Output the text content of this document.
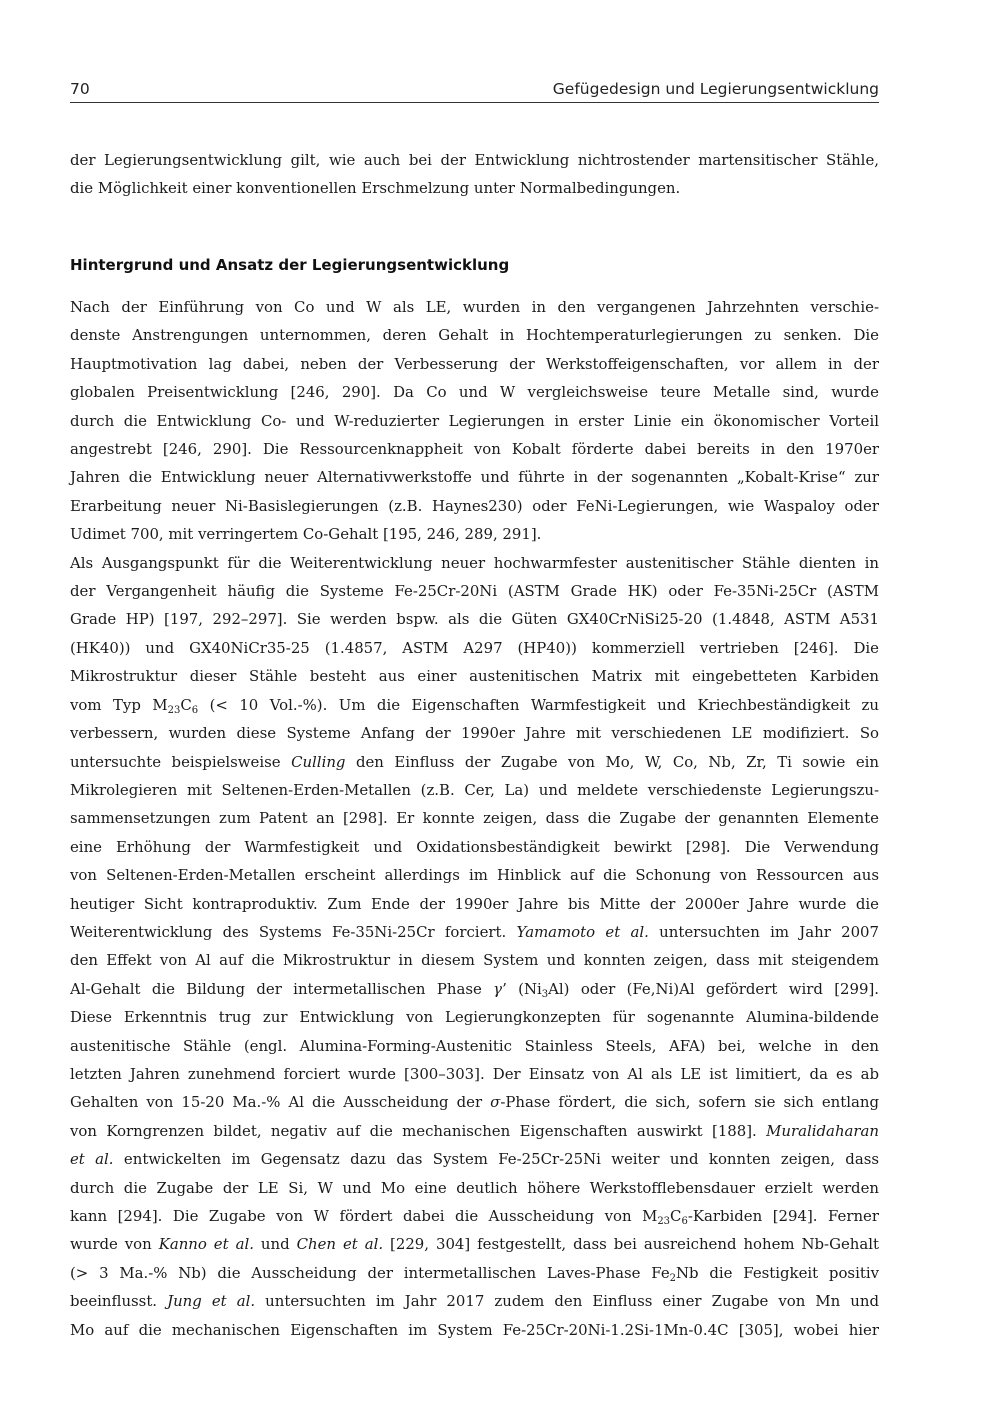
70	Gefügedesign und Legierungsentwicklung
der Legierungsentwicklung gilt, wie auch bei der Entwicklung nichtrostender martensitischer Stähle,
die Möglichkeit einer konventionellen Erschmelzung unter Normalbedingungen.
Hintergrund und Ansatz der Legierungsentwicklung
Nach der Einführung von Co und W als LE, wurden in den vergangenen Jahrzehnten verschie-
denste Anstrengungen unternommen, deren Gehalt in Hochtemperaturlegierungen zu senken. Die
Hauptmotivation lag dabei, neben der Verbesserung der Werkstoffeigenschaften, vor allem in der
globalen Preisentwicklung [246, 290]. Da Co und W vergleichsweise teure Metalle sind, wurde
durch die Entwicklung Co- und W-reduzierter Legierungen in erster Linie ein ökonomischer Vorteil
angestrebt [246, 290]. Die Ressourcenknappheit von Kobalt förderte dabei bereits in den 1970er
Jahren die Entwicklung neuer Alternativwerkstoffe und führte in der sogenannten „Kobalt-Krise“ zur
Erarbeitung neuer Ni-Basislegierungen (z.B. Haynes230) oder FeNi-Legierungen, wie Waspaloy oder
Udimet 700, mit verringertem Co-Gehalt [195, 246, 289, 291].
Als Ausgangspunkt für die Weiterentwicklung neuer hochwarmfester austenitischer Stähle dienten in
der Vergangenheit häufig die Systeme Fe-25Cr-20Ni (ASTM Grade HK) oder Fe-35Ni-25Cr (ASTM
Grade HP) [197, 292–297]. Sie werden bspw. als die Güten GX40CrNiSi25-20 (1.4848, ASTM A531
(HK40)) und GX40NiCr35-25 (1.4857, ASTM A297 (HP40)) kommerziell vertrieben [246]. Die
Mikrostruktur dieser Stähle besteht aus einer austenitischen Matrix mit eingebetteten Karbiden
vom Typ $M_{23}C_6$ (< 10 Vol.-%). Um die Eigenschaften Warmfestigkeit und Kriechbeständigkeit zu
verbessern, wurden diese Systeme Anfang der 1990er Jahre mit verschiedenen LE modifiziert. So
untersuchte beispielsweise Culling den Einfluss der Zugabe von Mo, W, Co, Nb, Zr, Ti sowie ein
Mikrolegieren mit Seltenen-Erden-Metallen (z.B. Cer, La) und meldete verschiedenste Legierungszu-
sammensetzungen zum Patent an [298]. Er konnte zeigen, dass die Zugabe der genannten Elemente
eine Erhöhung der Warmfestigkeit und Oxidationsbeständigkeit bewirkt [298]. Die Verwendung
von Seltenen-Erden-Metallen erscheint allerdings im Hinblick auf die Schonung von Ressourcen aus
heutiger Sicht kontraproduktiv. Zum Ende der 1990er Jahre bis Mitte der 2000er Jahre wurde die
Weiterentwicklung des Systems Fe-35Ni-25Cr forciert. Yamamoto et al. untersuchten im Jahr 2007
den Effekt von Al auf die Mikrostruktur in diesem System und konnten zeigen, dass mit steigendem
Al-Gehalt die Bildung der intermetallischen Phase γ’ $(Ni_3Al)$ oder (Fe,Ni)Al gefördert wird [299].
Diese Erkenntnis trug zur Entwicklung von Legierungkonzepten für sogenannte Alumina-bildende
austenitische Stähle (engl. Alumina-Forming-Austenitic Stainless Steels, AFA) bei, welche in den
letzten Jahren zunehmend forciert wurde [300–303]. Der Einsatz von Al als LE ist limitiert, da es ab
Gehalten von 15-20 Ma.-% Al die Ausscheidung der σ-Phase fördert, die sich, sofern sie sich entlang
von Korngrenzen bildet, negativ auf die mechanischen Eigenschaften auswirkt [188]. Muralidaharan
et al. entwickelten im Gegensatz dazu das System Fe-25Cr-25Ni weiter und konnten zeigen, dass
durch die Zugabe der LE Si, W und Mo eine deutlich höhere Werkstofflebensdauer erzielt werden
kann [294]. Die Zugabe von W fördert dabei die Ausscheidung von $M_{23}C_6$-Karbiden [294]. Ferner
wurde von Kanno et al. und Chen et al. [229, 304] festgestellt, dass bei ausreichend hohem Nb-Gehalt
(> 3 Ma.-% Nb) die Ausscheidung der intermetallischen Laves-Phase $Fe_2Nb$ die Festigkeit positiv
beeinflusst. Jung et al. untersuchten im Jahr 2017 zudem den Einfluss einer Zugabe von Mn und
Mo auf die mechanischen Eigenschaften im System Fe-25Cr-20Ni-1.2Si-1Mn-0.4C [305], wobei hier
